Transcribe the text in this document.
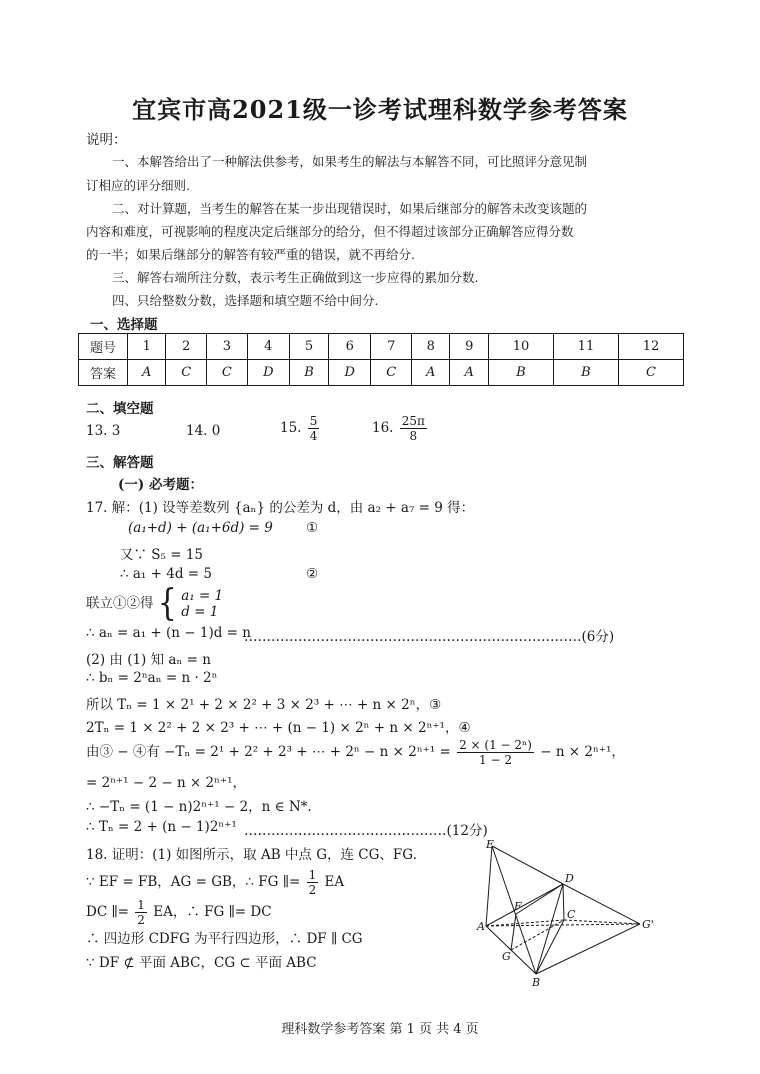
宜宾市高2021级一诊考试理科数学参考答案
说明：
一、本解答给出了一种解法供参考，如果考生的解法与本解答不同，可比照评分意见制
订相应的评分细则.
二、对计算题，当考生的解答在某一步出现错误时，如果后继部分的解答未改变该题的
内容和难度，可视影响的程度决定后继部分的给分，但不得超过该部分正确解答应得分数
的一半；如果后继部分的解答有较严重的错误，就不再给分.
三、解答右端所注分数，表示考生正确做到这一步应得的累加分数.
四、只给整数分数，选择题和填空题不给中间分.
一、选择题
题号	1	2	3	4	5	6	7	8	9	10	11	12
答案	A	C	C	D	B	D	C	A	A	B	B	C
二、填空题
13. 3	14. 0	15. $\frac{5}{4}$	16. $\frac{25\pi}{8}$
三、解答题
(一) 必考题：
17. 解：(1) 设等差数列 {aₙ} 的公差为 d，由 a₂ + a₇ = 9 得：
(a₁+d) + (a₁+6d) = 9 ①
又∵ S₅ = 15
∴ a₁ + 4d = 5	②
联立①②得 { a₁ = 1
d = 1
∴ aₙ = a₁ + (n − 1)d = n
…………………………………………………………………(6分)
(2) 由 (1) 知 aₙ = n
∴ bₙ = 2ⁿaₙ = n · 2ⁿ
所以 Tₙ = 1 × 2¹ + 2 × 2² + 3 × 2³ + ⋯ + n × 2ⁿ，③
2Tₙ = 1 × 2² + 2 × 2³ + ⋯ + (n − 1) × 2ⁿ + n × 2ⁿ⁺¹，④
由③ − ④有 −Tₙ = 2¹ + 2² + 2³ + ⋯ + $2^n - n \times 2^{n+1} = \frac{\text{2 × (1 − 2ⁿ)}}{1 - 2} - n \times 2^{n+1}$，
= 2ⁿ⁺¹ − 2 − n × 2ⁿ⁺¹，
∴ −Tₙ = (1 − n)2ⁿ⁺¹ − 2，n ∈ N*.
∴ Tₙ = 2 + (n − 1)2ⁿ⁺¹ ………………………………………(12分)
18. 证明：(1) 如图所示，取 AB 中点 G，连 CG、FG.
∵ EF = FB，AG = GB，∴ FG ∥= $\frac{1}{2}$ EA
DC ∥= $\frac{1}{2}$ EA，∴ FG ∥= DC
∴ 四边形 CDFG 为平行四边形，∴ DF ∥ CG
∵ DF ⊄ 平面 ABC，CG ⊂ 平面 ABC
E
D
F
C
A	G'
G
B
理科数学参考答案 第 1 页 共 4 页
